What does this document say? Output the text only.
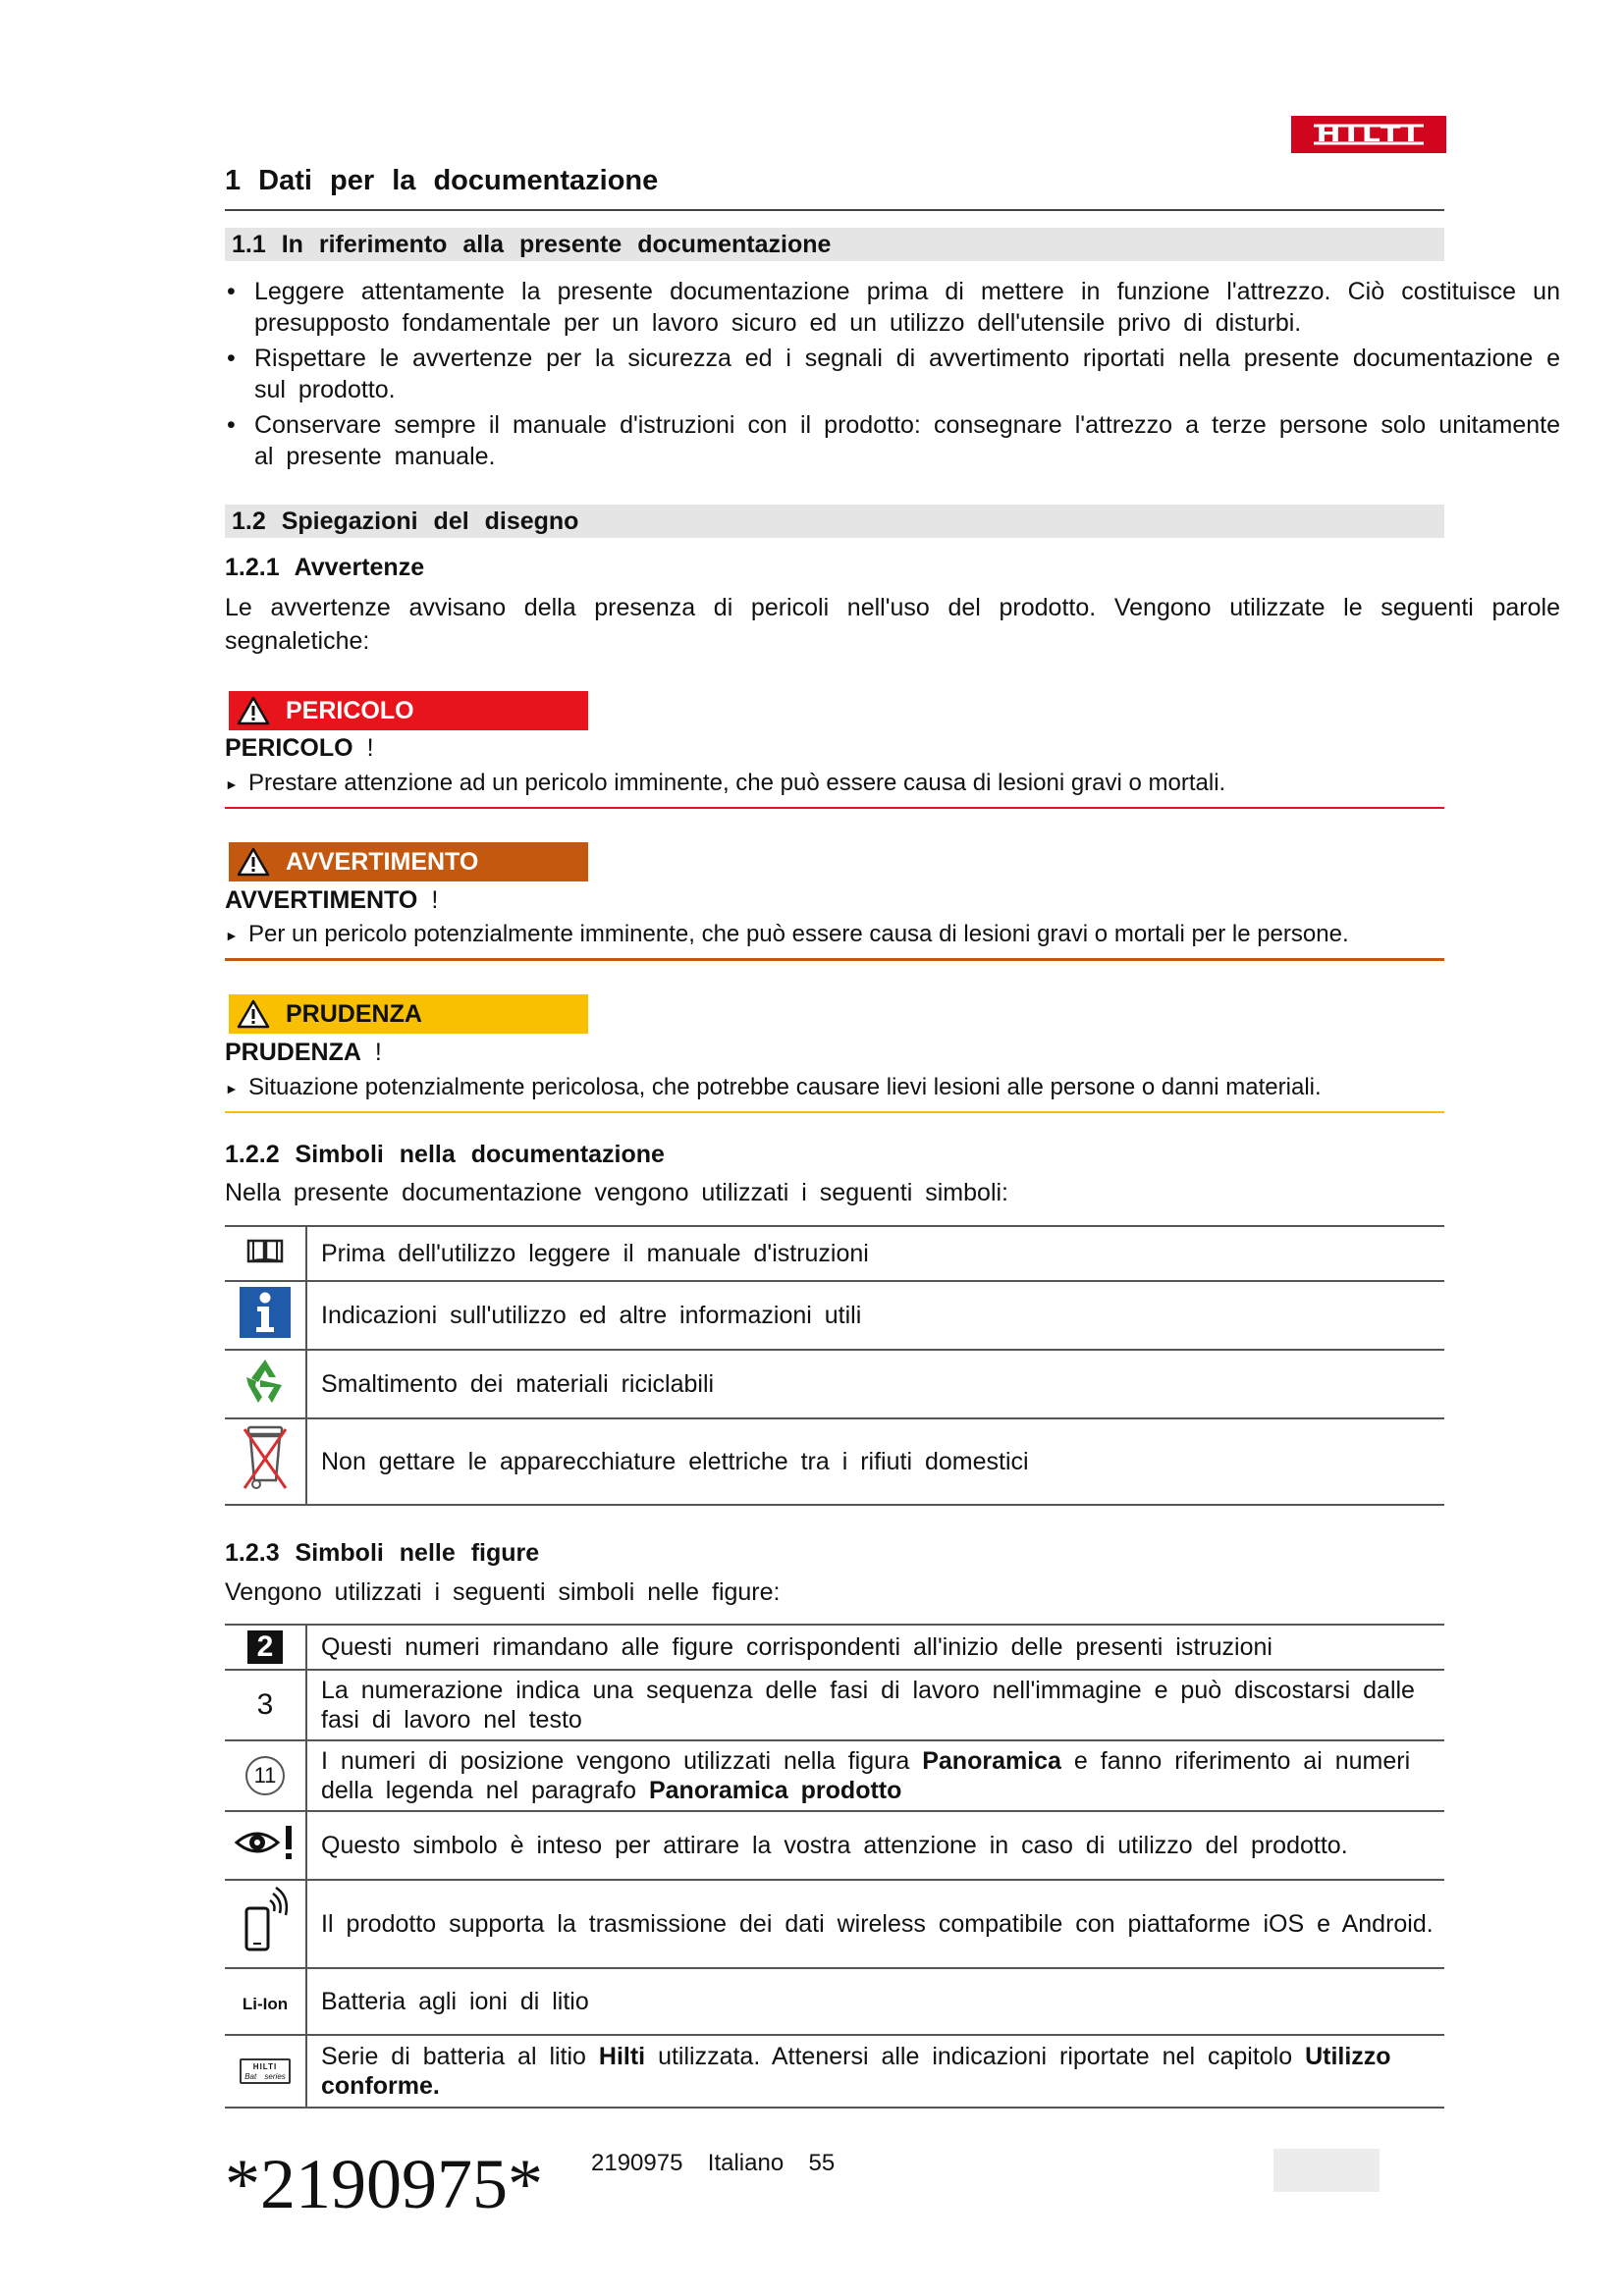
HILTI
1 Dati per la documentazione
1.1 In riferimento alla presente documentazione
• Leggere attentamente la presente documentazione prima di mettere in funzione l'attrezzo. Ciò costituisce un presupposto fondamentale per un lavoro sicuro ed un utilizzo dell'utensile privo di disturbi.
• Rispettare le avvertenze per la sicurezza ed i segnali di avvertimento riportati nella presente documentazione e sul prodotto.
• Conservare sempre il manuale d'istruzioni con il prodotto: consegnare l'attrezzo a terze persone solo unitamente al presente manuale.
1.2 Spiegazioni del disegno
1.2.1 Avvertenze
Le avvertenze avvisano della presenza di pericoli nell'uso del prodotto. Vengono utilizzate le seguenti parole segnaletiche:
PERICOLO
PERICOLO !
► Prestare attenzione ad un pericolo imminente, che può essere causa di lesioni gravi o mortali.
AVVERTIMENTO
AVVERTIMENTO !
► Per un pericolo potenzialmente imminente, che può essere causa di lesioni gravi o mortali per le persone.
PRUDENZA
PRUDENZA !
► Situazione potenzialmente pericolosa, che potrebbe causare lievi lesioni alle persone o danni materiali.
1.2.2 Simboli nella documentazione
Nella presente documentazione vengono utilizzati i seguenti simboli:
	Prima dell'utilizzo leggere il manuale d'istruzioni
	Indicazioni sull'utilizzo ed altre informazioni utili
	Smaltimento dei materiali riciclabili
	Non gettare le apparecchiature elettriche tra i rifiuti domestici
1.2.3 Simboli nelle figure
Vengono utilizzati i seguenti simboli nelle figure:
2	Questi numeri rimandano alle figure corrispondenti all'inizio delle presenti istruzioni
3	La numerazione indica una sequenza delle fasi di lavoro nell'immagine e può discostarsi dalle fasi di lavoro nel testo
11	I numeri di posizione vengono utilizzati nella figura Panoramica e fanno riferimento ai numeri della legenda nel paragrafo Panoramica prodotto
	Questo simbolo è inteso per attirare la vostra attenzione in caso di utilizzo del prodotto.
	Il prodotto supporta la trasmissione dei dati wireless compatibile con piattaforme iOS e Android.
Li-Ion	Batteria agli ioni di litio

HILTI
Bat series	Serie di batteria al litio Hilti utilizzata. Attenersi alle indicazioni riportate nel capitolo Utilizzo conforme.
*2190975* 2190975 Italiano 55
